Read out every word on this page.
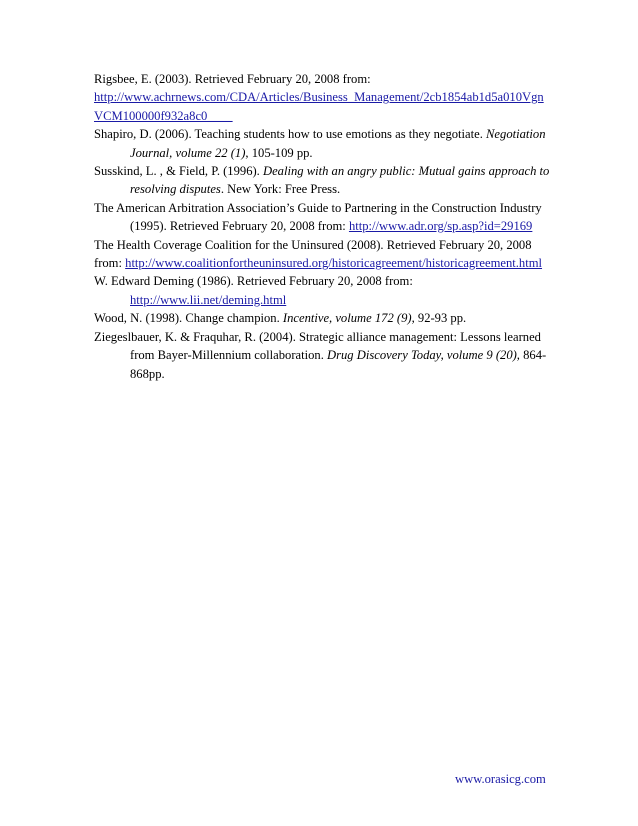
Rigsbee, E. (2003). Retrieved February 20, 2008 from:
http://www.achrnews.com/CDA/Articles/Business_Management/2cb1854ab1d5a010Vgn
VCM100000f932a8c0____

Shapiro, D. (2006). Teaching students how to use emotions as they negotiate. Negotiation Journal, volume 22 (1), 105-109 pp.

Susskind, L. , & Field, P. (1996). Dealing with an angry public: Mutual gains approach to resolving disputes. New York: Free Press.

The American Arbitration Association’s Guide to Partnering in the Construction Industry (1995). Retrieved February 20, 2008 from: http://www.adr.org/sp.asp?id=29169

The Health Coverage Coalition for the Uninsured (2008). Retrieved February 20, 2008
from: http://www.coalitionfortheuninsured.org/historicagreement/historicagreement.html

W. Edward Deming (1986). Retrieved February 20, 2008 from:
http://www.lii.net/deming.html

Wood, N. (1998). Change champion. Incentive, volume 172 (9), 92-93 pp.

Ziegeslbauer, K. & Fraquhar, R. (2004). Strategic alliance management: Lessons learned from Bayer-Millennium collaboration. Drug Discovery Today, volume 9 (20), 864-868pp.

www.orasicg.com
